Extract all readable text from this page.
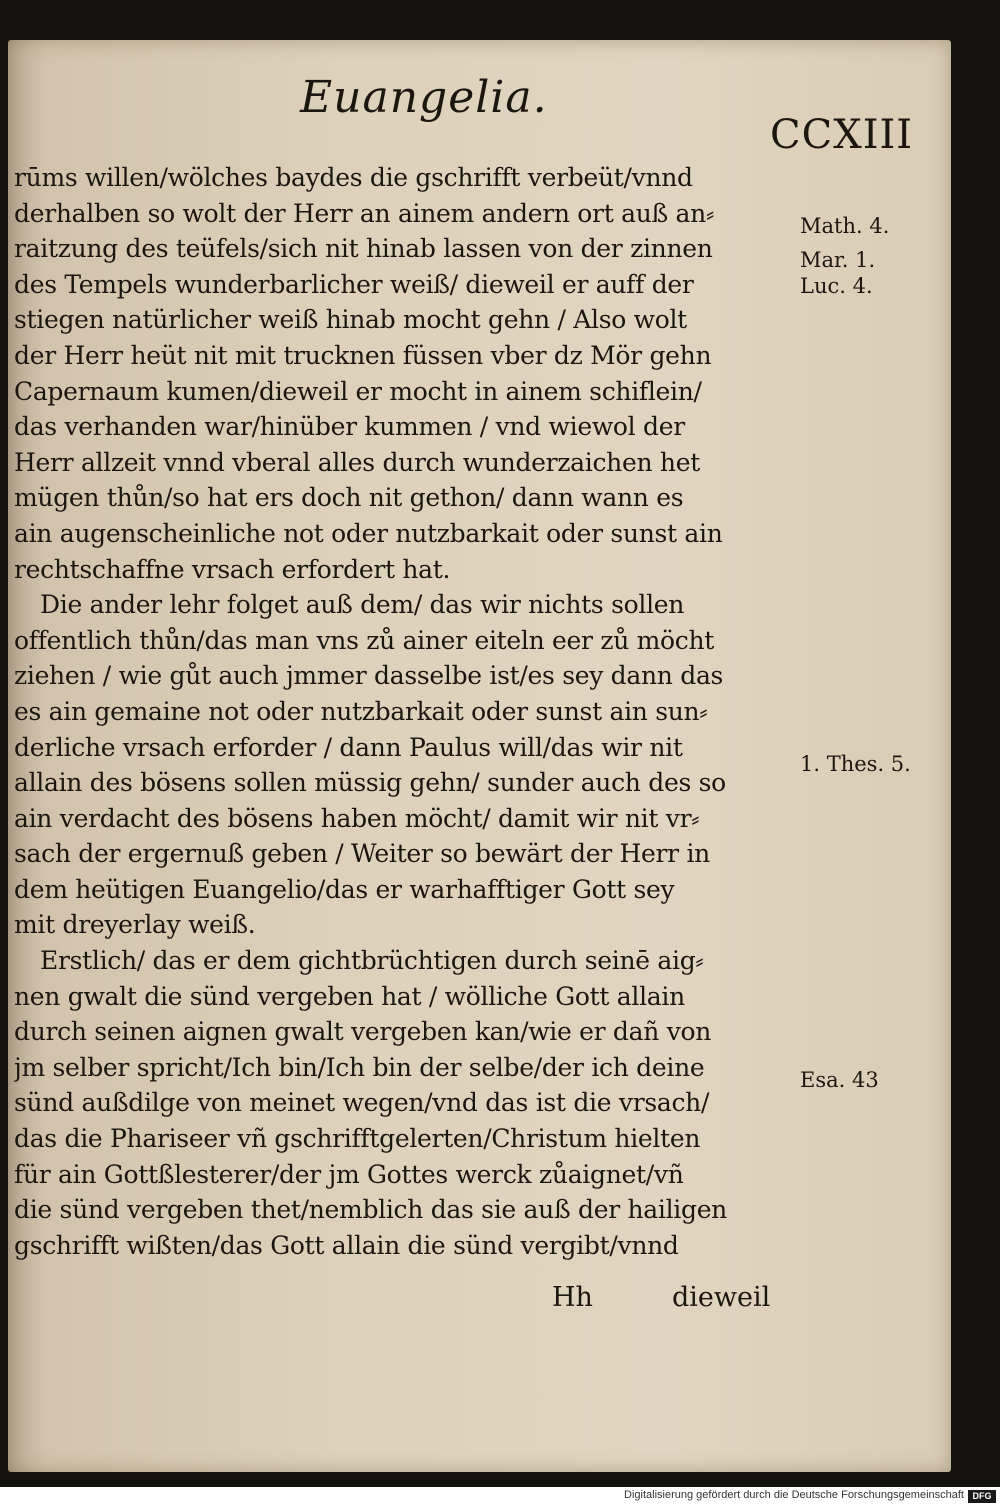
Euangelia.
CCXIII
rūms willen/wölches baydes die gschrifft verbeüt/vnnd
derhalben so wolt der Herr an ainem andern ort auß an⸗
raitzung des teüfels/sich nit hinab lassen von der zinnen
des Tempels wunderbarlicher weiß/ dieweil er auff der
stiegen natürlicher weiß hinab mocht gehn / Also wolt
der Herr heüt nit mit trucknen füssen vber dz Mör gehn
Capernaum kumen/dieweil er mocht in ainem schiflein/
das verhanden war/hinüber kummen / vnd wiewol der
Herr allzeit vnnd vberal alles durch wunderzaichen het
mügen thůn/so hat ers doch nit gethon/ dann wann es
ain augenscheinliche not oder nutzbarkait oder sunst ain
rechtschaffne vrsach erfordert hat.
Die ander lehr folget auß dem/ das wir nichts sollen
offentlich thůn/das man vns zů ainer eiteln eer zů möcht
ziehen / wie gůt auch jmmer dasselbe ist/es sey dann das
es ain gemaine not oder nutzbarkait oder sunst ain sun⸗
derliche vrsach erforder / dann Paulus will/das wir nit
allain des bösens sollen müssig gehn/ sunder auch des so
ain verdacht des bösens haben möcht/ damit wir nit vr⸗
sach der ergernuß geben / Weiter so bewärt der Herr in
dem heütigen Euangelio/das er warhafftiger Gott sey
mit dreyerlay weiß.
Erstlich/ das er dem gichtbrüchtigen durch seinē aig⸗
nen gwalt die sünd vergeben hat / wölliche Gott allain
durch seinen aignen gwalt vergeben kan/wie er dañ von
jm selber spricht/Ich bin/Ich bin der selbe/der ich deine
sünd außdilge von meinet wegen/vnd das ist die vrsach/
das die Phariseer vñ gschrifftgelerten/Christum hielten
für ain Gottßlesterer/der jm Gottes werck zůaignet/vñ
die sünd vergeben thet/nemblich das sie auß der hailigen
gschrifft wißten/das Gott allain die sünd vergibt/vnnd
Math. 4.
Mar. 1.
Luc. 4.
1. Thes. 5.
Esa. 43
Hh	dieweil
Digitalisierung gefördert durch die Deutsche Forschungsgemeinschaft DFG
